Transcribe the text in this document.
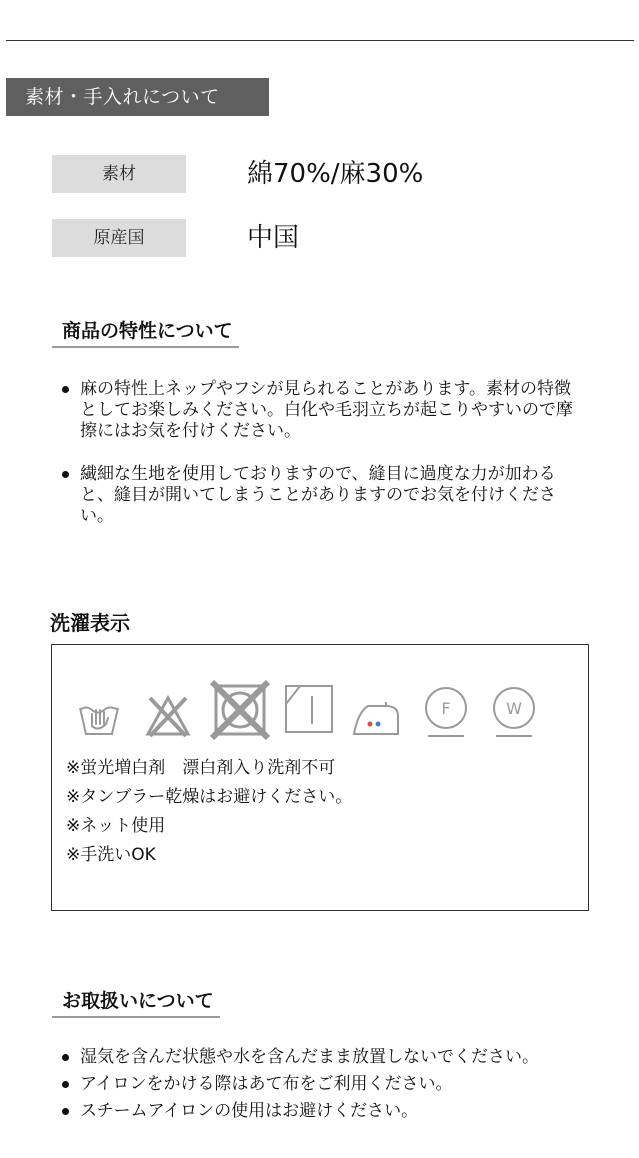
素材・手入れについて
素材	綿70%/麻30%
原産国	中国
商品の特性について
麻の特性上ネップやフシが見られることがあります。素材の特徴としてお楽しみください。白化や毛羽立ちが起こりやすいので摩擦にはお気を付けください。
繊細な生地を使用しておりますので、縫目に過度な力が加わると、縫目が開いてしまうことがありますのでお気を付けください。
洗濯表示
F	W
※蛍光増白剤　漂白剤入り洗剤不可
※タンブラー乾燥はお避けください。
※ネット使用
※手洗いOK
お取扱いについて
湿気を含んだ状態や水を含んだまま放置しないでください。
アイロンをかける際はあて布をご利用ください。
スチームアイロンの使用はお避けください。
